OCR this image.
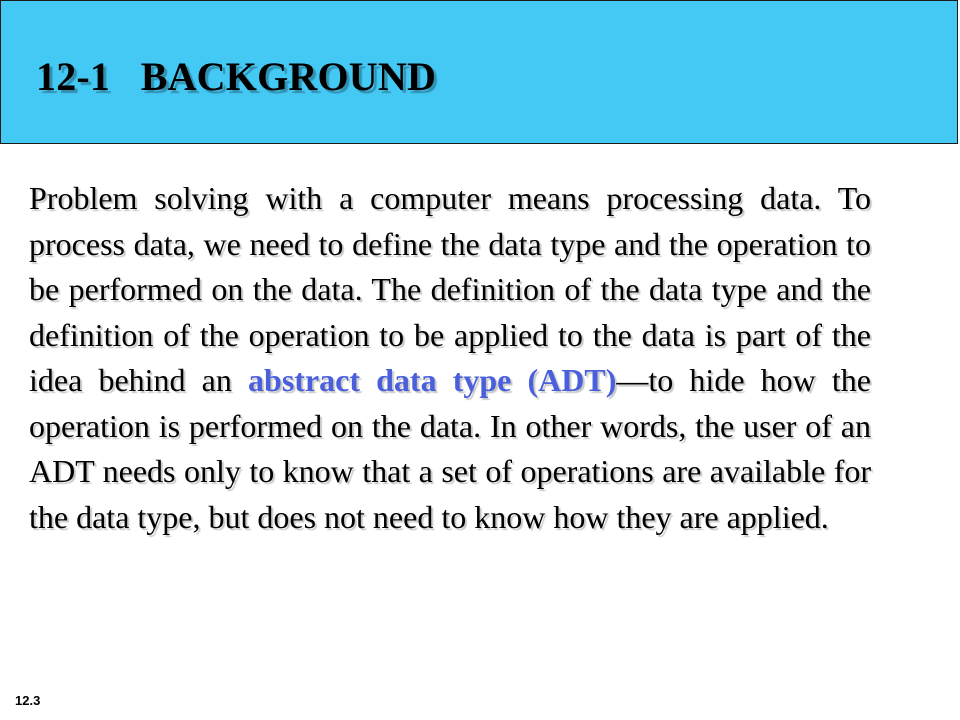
12-1   BACKGROUND

Problem solving with a computer means processing data. To process data, we need to define the data type and the operation to be performed on the data. The definition of the data type and the definition of the operation to be applied to the data is part of the idea behind an abstract data type (ADT)—to hide how the operation is performed on the data. In other words, the user of an ADT needs only to know that a set of operations are available for the data type, but does not need to know how they are applied.

12.3
